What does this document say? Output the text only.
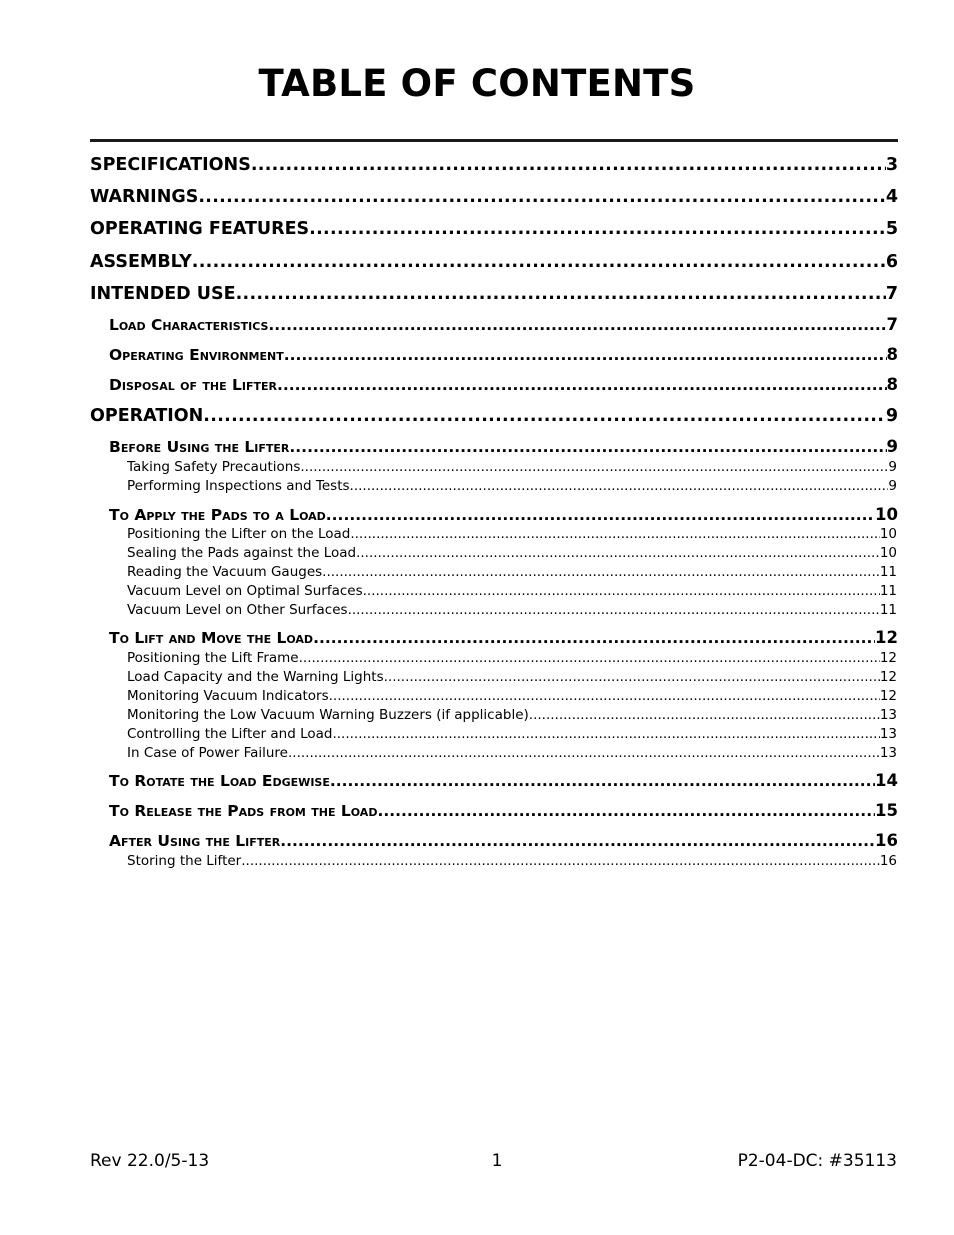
TABLE OF CONTENTS
SPECIFICATIONS .....	3
WARNINGS .....	4
OPERATING FEATURES .....	5
ASSEMBLY .....	6
INTENDED USE .....	7
Load Characteristics .....	7
Operating Environment .....	8
Disposal of the Lifter .....	8
OPERATION .....	9
Before Using the Lifter .....	9
Taking Safety Precautions .....	9
Performing Inspections and Tests .....	9
To Apply the Pads to a Load .....	10
Positioning the Lifter on the Load .....	10
Sealing the Pads against the Load .....	10
Reading the Vacuum Gauges .....	11
Vacuum Level on Optimal Surfaces .....	11
Vacuum Level on Other Surfaces .....	11
To Lift and Move the Load .....	12
Positioning the Lift Frame .....	12
Load Capacity and the Warning Lights .....	12
Monitoring Vacuum Indicators .....	12
Monitoring the Low Vacuum Warning Buzzers (if applicable) .....	13
Controlling the Lifter and Load .....	13
In Case of Power Failure .....	13
To Rotate the Load Edgewise .....	14
To Release the Pads from the Load .....	15
After Using the Lifter .....	16
Storing the Lifter .....	16
Rev 22.0/5-13	1	P2-04-DC: #35113
